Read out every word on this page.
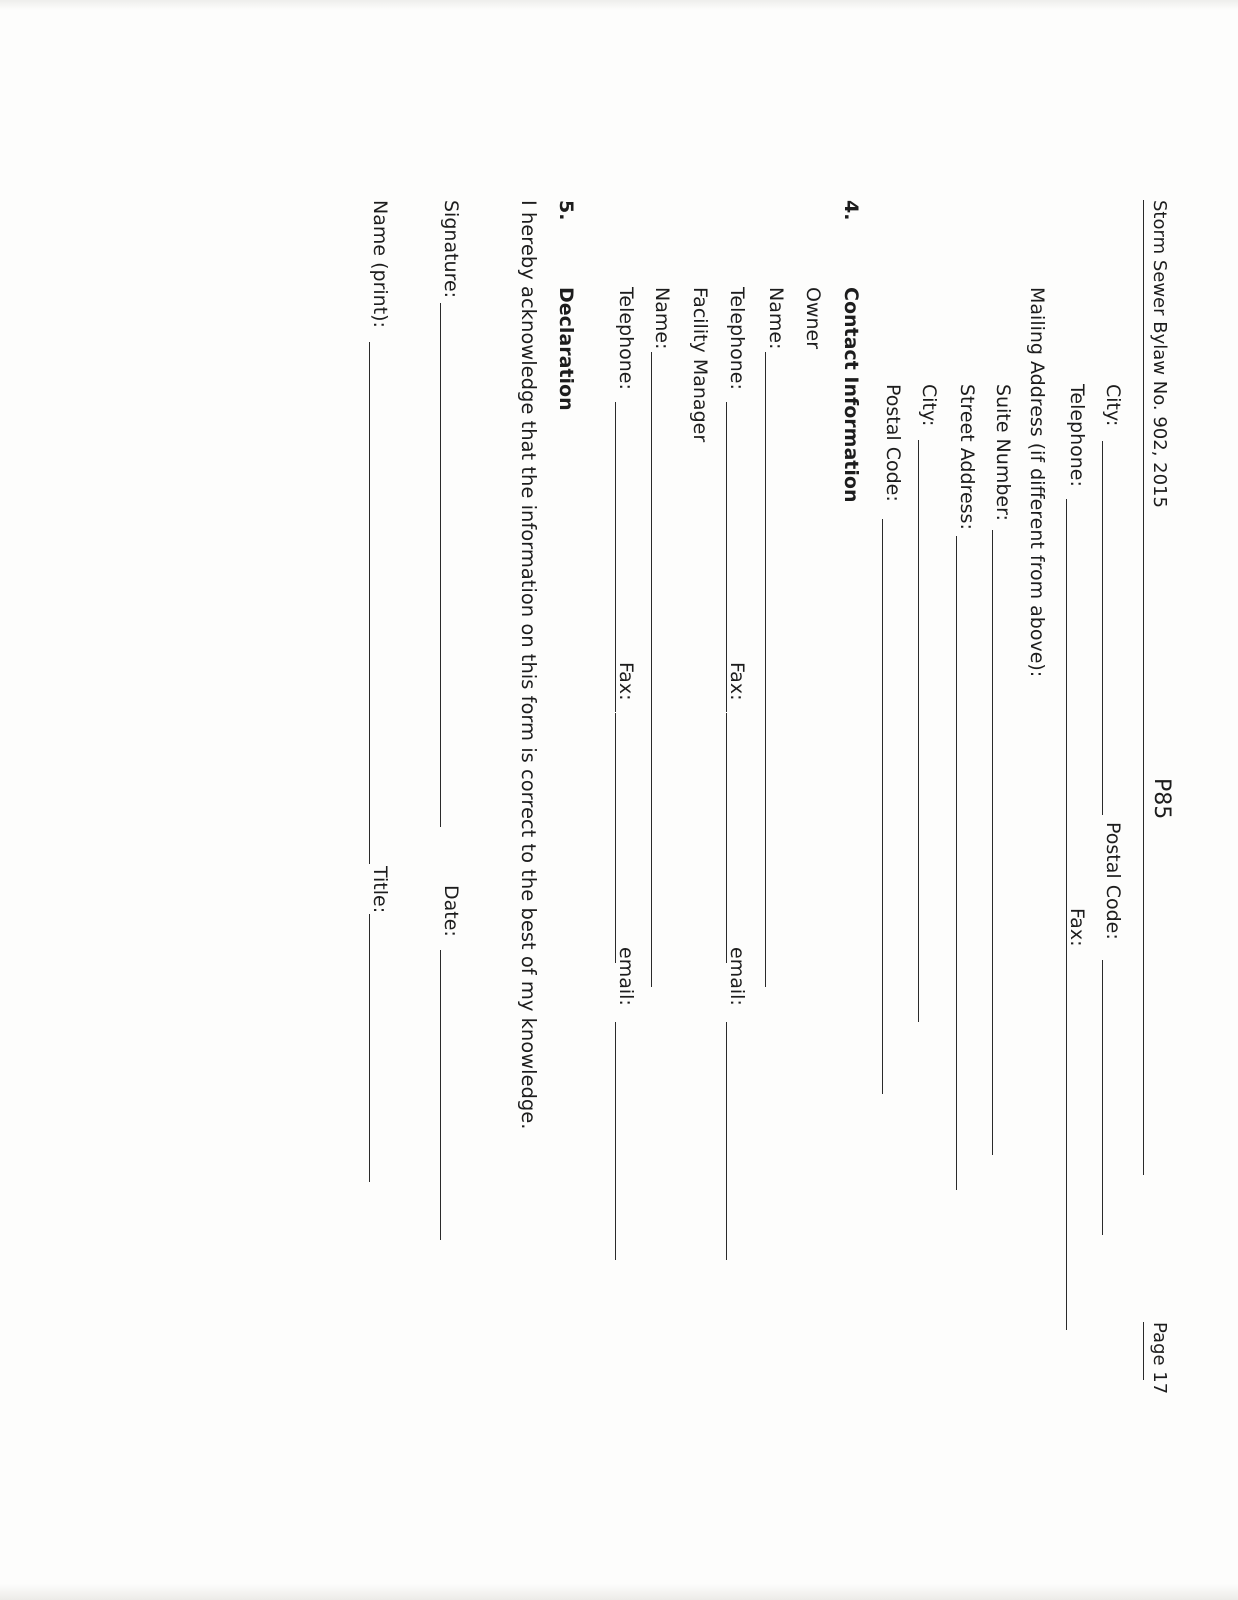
Storm Sewer Bylaw No. 902, 2015
P85
Page 17
City:
Postal Code:
Telephone:
Fax:
Mailing Address (if different from above):
Suite Number:
Street Address:
City:
Postal Code:
4.
Contact Information
Owner
Name:
Telephone:
Fax:
email:
Facility Manager
Name:
Telephone:
Fax:
email:
5.
Declaration
I hereby acknowledge that the information on this form is correct to the best of my knowledge.
Signature:
Date:
Name (print):
Title:
